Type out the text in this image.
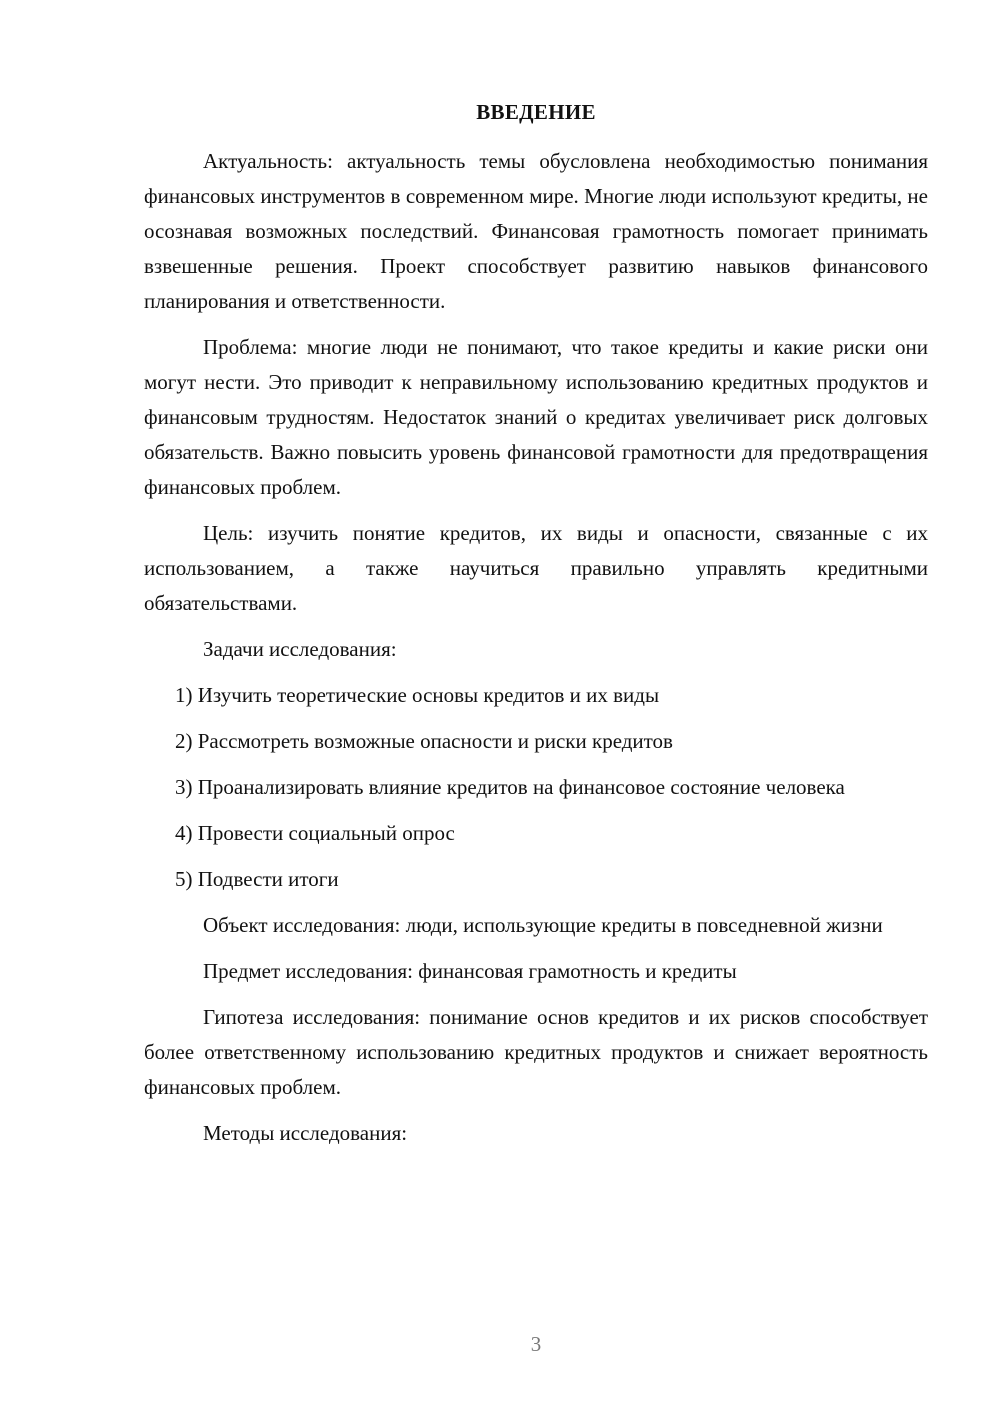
ВВЕДЕНИЕ

Актуальность: актуальность темы обусловлена необходимостью понимания финансовых инструментов в современном мире. Многие люди используют кредиты, не осознавая возможных последствий. Финансовая грамотность помогает принимать взвешенные решения. Проект способствует развитию навыков финансового планирования и ответственности.

Проблема: многие люди не понимают, что такое кредиты и какие риски они могут нести. Это приводит к неправильному использованию кредитных продуктов и финансовым трудностям. Недостаток знаний о кредитах увеличивает риск долговых обязательств. Важно повысить уровень финансовой грамотности для предотвращения финансовых проблем.

Цель: изучить понятие кредитов, их виды и опасности, связанные с их использованием, а также научиться правильно управлять кредитными обязательствами.

Задачи исследования:

1) Изучить теоретические основы кредитов и их виды

2) Рассмотреть возможные опасности и риски кредитов

3) Проанализировать влияние кредитов на финансовое состояние человека

4) Провести социальный опрос

5) Подвести итоги

Объект исследования: люди, использующие кредиты в повседневной жизни

Предмет исследования: финансовая грамотность и кредиты

Гипотеза исследования: понимание основ кредитов и их рисков способствует более ответственному использованию кредитных продуктов и снижает вероятность финансовых проблем.

Методы исследования:

3
